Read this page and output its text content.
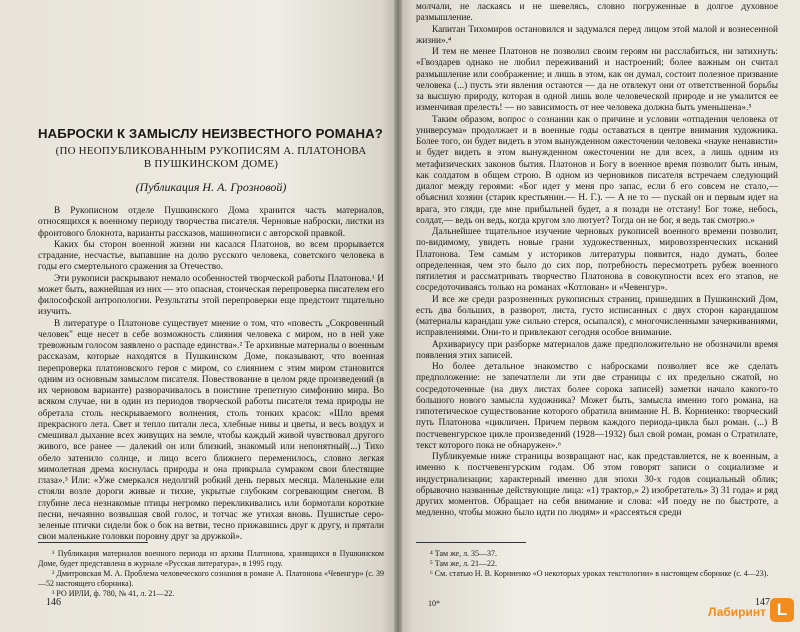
НАБРОСКИ К ЗАМЫСЛУ НЕИЗВЕСТНОГО РОМАНА?
(ПО НЕОПУБЛИКОВАННЫМ РУКОПИСЯМ А. ПЛАТОНОВА
В ПУШКИНСКОМ ДОМЕ)
(Публикация Н. А. Грозновой)

В Рукописном отделе Пушкинского Дома хранится часть материалов, относящихся к военному периоду творчества писателя. Черновые наброски, листки из фронтового блокнота, варианты рассказов, машинописи с авторской правкой.

Каких бы сторон военной жизни ни касался Платонов, во всем прорывается страдание, несчастье, выпавшие на долю русского человека, советского человека в годы его смертельного сражения за Отечество.

Эти рукописи раскрывают немало особенностей творческой работы Платонова.¹ И может быть, важнейшая из них — это опасная, стоическая перепроверка писателем его философской антропологии. Результаты этой перепроверки еще предстоит тщательно изучить.

В литературе о Платонове существует мнение о том, что «повесть „Сокровенный человек" еще несет в себе возможность слияния человека с миром, но в ней уже тревожным голосом заявлено о распаде единства».² Те архивные материалы о военным рассказам, которые находятся в Пушкинском Доме, показывают, что военная перепроверка платоновского героя с миром, со слиянием с этим миром становится одним из основным замыслом писателя. Повествование в целом ряде произведений (в их черновом варианте) разворачивалось в поистине трепетную симфонию мира. Во всяком случае, ни в один из периодов творческой работы писателя тема природы не обретала столь нескрываемого волнения, столь тонких красок: «Шло время прекрасного лета. Свет и тепло питали леса, хлебные нивы и цветы, и весь воздух и смешивал дыхание всех живущих на земле, чтобы каждый живой чувствовал другого живого, все ранее — далекий он или близкий, знакомый или непонятный(...) Тихо обело затенило солнце, и лицо всего ближнего переменилось, словно легкая мимолетная дрема коснулась природы и она прикрыла сумраком свои блестящие глаза».³ Или: «Уже смеркался недолгий робкий день первых месяца. Маленькие ели стояли возле дороги живые и тихие, укрытые глубоким согревающим снегом. В глубине леса незнакомые птицы негромко перекликивались или бормотали короткие песни, нечаянно возвышая свой голос, и тотчас же утихая вновь. Пушистые серо-зеленые птички сидели бок о бок на ветви, тесно прижавшись друг к другу, и прятали свои маленькие головки поровну друг за дружкой».

¹ Публикация материалов военного периода из архива Платонова, хранящихся в Пушкинском Доме, будет представлена в журнале «Русская литература», в 1995 году.

² Дмитровская М. А. Проблема человеческого сознания в романе А. Платонова «Чевенгур» (с. 39—52 настоящего сборника).

³ РО ИРЛИ, ф. 780, № 41, л. 21—22.

146

молчали, не ласкаясь и не шевелясь, словно погруженные в долгое духовное размышление.

Капитан Тихомиров остановился и задумался перед лицом этой малой и вознесенной жизни».⁴

И тем не менее Платонов не позволил своим героям ни расслабиться, ни затихнуть: «Гвоздарев однако не любил переживаний и настроений; более важным он считал размышление или соображение; и лишь в этом, как он думал, состоит полезное призвание человека (...) пусть эти явления остаются — да не отвлекут они от ответственной борьбы за высшую природу, которая в одной лишь воле человеческой природе и не умалится ее изменчивая прелесть! — но зависимость от нее человека должна быть уменьшена».⁵

Таким образом, вопрос о сознании как о причине и условии «отпадения человека от универсума» продолжает и в военные годы оставаться в центре внимания художника. Более того, он будет видеть в этом вынужденном ожесточении человека «науке ненависти» и будет видеть в этом вынужденном ожесточении не для всех, а лишь одним из метафизических законов бытия. Платонов и Богу в военное время позволит быть иным, как солдатом в общем строю. В одном из черновиков писателя встречаем следующий диалог между героями: «Бог идет у меня про запас, если б его совсем не стало,— объяснил хозяин (старик крестьянин.— Н. Г.). — А не то — пускай он и первым идет на врага, это гляди, где мне прибыльней будет, а я позади не отстану! Бог тоже, небось, солдат,— ведь он ведь, когда кругом зло лютует? Тогда он не бог, я ведь так смотрю.»

Дальнейшее тщательное изучение черновых рукописей военного времени позволит, по-видимому, увидеть новые грани художественных, мировоззренческих исканий Платонова. Тем самым у историков литературы появится, надо думать, более определенная, чем это было до сих пор, потребность пересмотреть рубеж военного пятилетия и рассматривать творчество Платонова в совокупности всех его этапов, не сосредоточиваясь только на романах «Котлован» и «Чевенгур».

И все же среди разрозненных рукописных страниц, пришедших в Пушкинский Дом, есть два больших, в разворот, листа, густо исписанных с двух сторон карандашом (материалы карандаш уже сильно стерся, осыпался), с многочисленными зачеркиваниями, исправлениями. Они-то и привлекают сегодня особое внимание.

Архивариусу при разборке материалов даже предположительно не обозначили время появления этих записей.

Но более детальное знакомство с набросками позволяет все же сделать предположение: не запечатлели ли эти две страницы с их предельно сжатой, но сосредоточенные (на двух листах более сорока записей) заметки начало какого-то большого нового замысла художника? Может быть, замысла именно того романа, на гипотетическое существование которого обратила внимание Н. В. Корниенко: творческий путь Платонова «цикличен. Причем первом каждого периода-цикла был роман. (...) В постчевенгурское цикле произведений (1928—1932) был свой роман, роман о Стратилате, текст которого пока не обнаружен».⁶

Публикуемые ниже страницы возвращают нас, как представляется, не к военным, а именно к постчевенгурским годам. Об этом говорят записи о социализме и индустриализации; характерный именно для эпохи 30-х годов социальный облик; обрывочно названные действующие лица: «1) трактор,» 2) изобретатель» 3) 31 года» и ряд других моментов. Обращает на себя внимание и слова: «И поеду не по быстроте, а медленно, чтобы можно было идти по людям» и «рассеяться среди

⁴ Там же, л. 35—37.

⁵ Там же, л. 21—22.

⁶ См. статью Н. В. Корниенко «О некоторых уроках текстологии» в настоящем сборнике (с. 4—23).

10*	147
Лабиринт L
